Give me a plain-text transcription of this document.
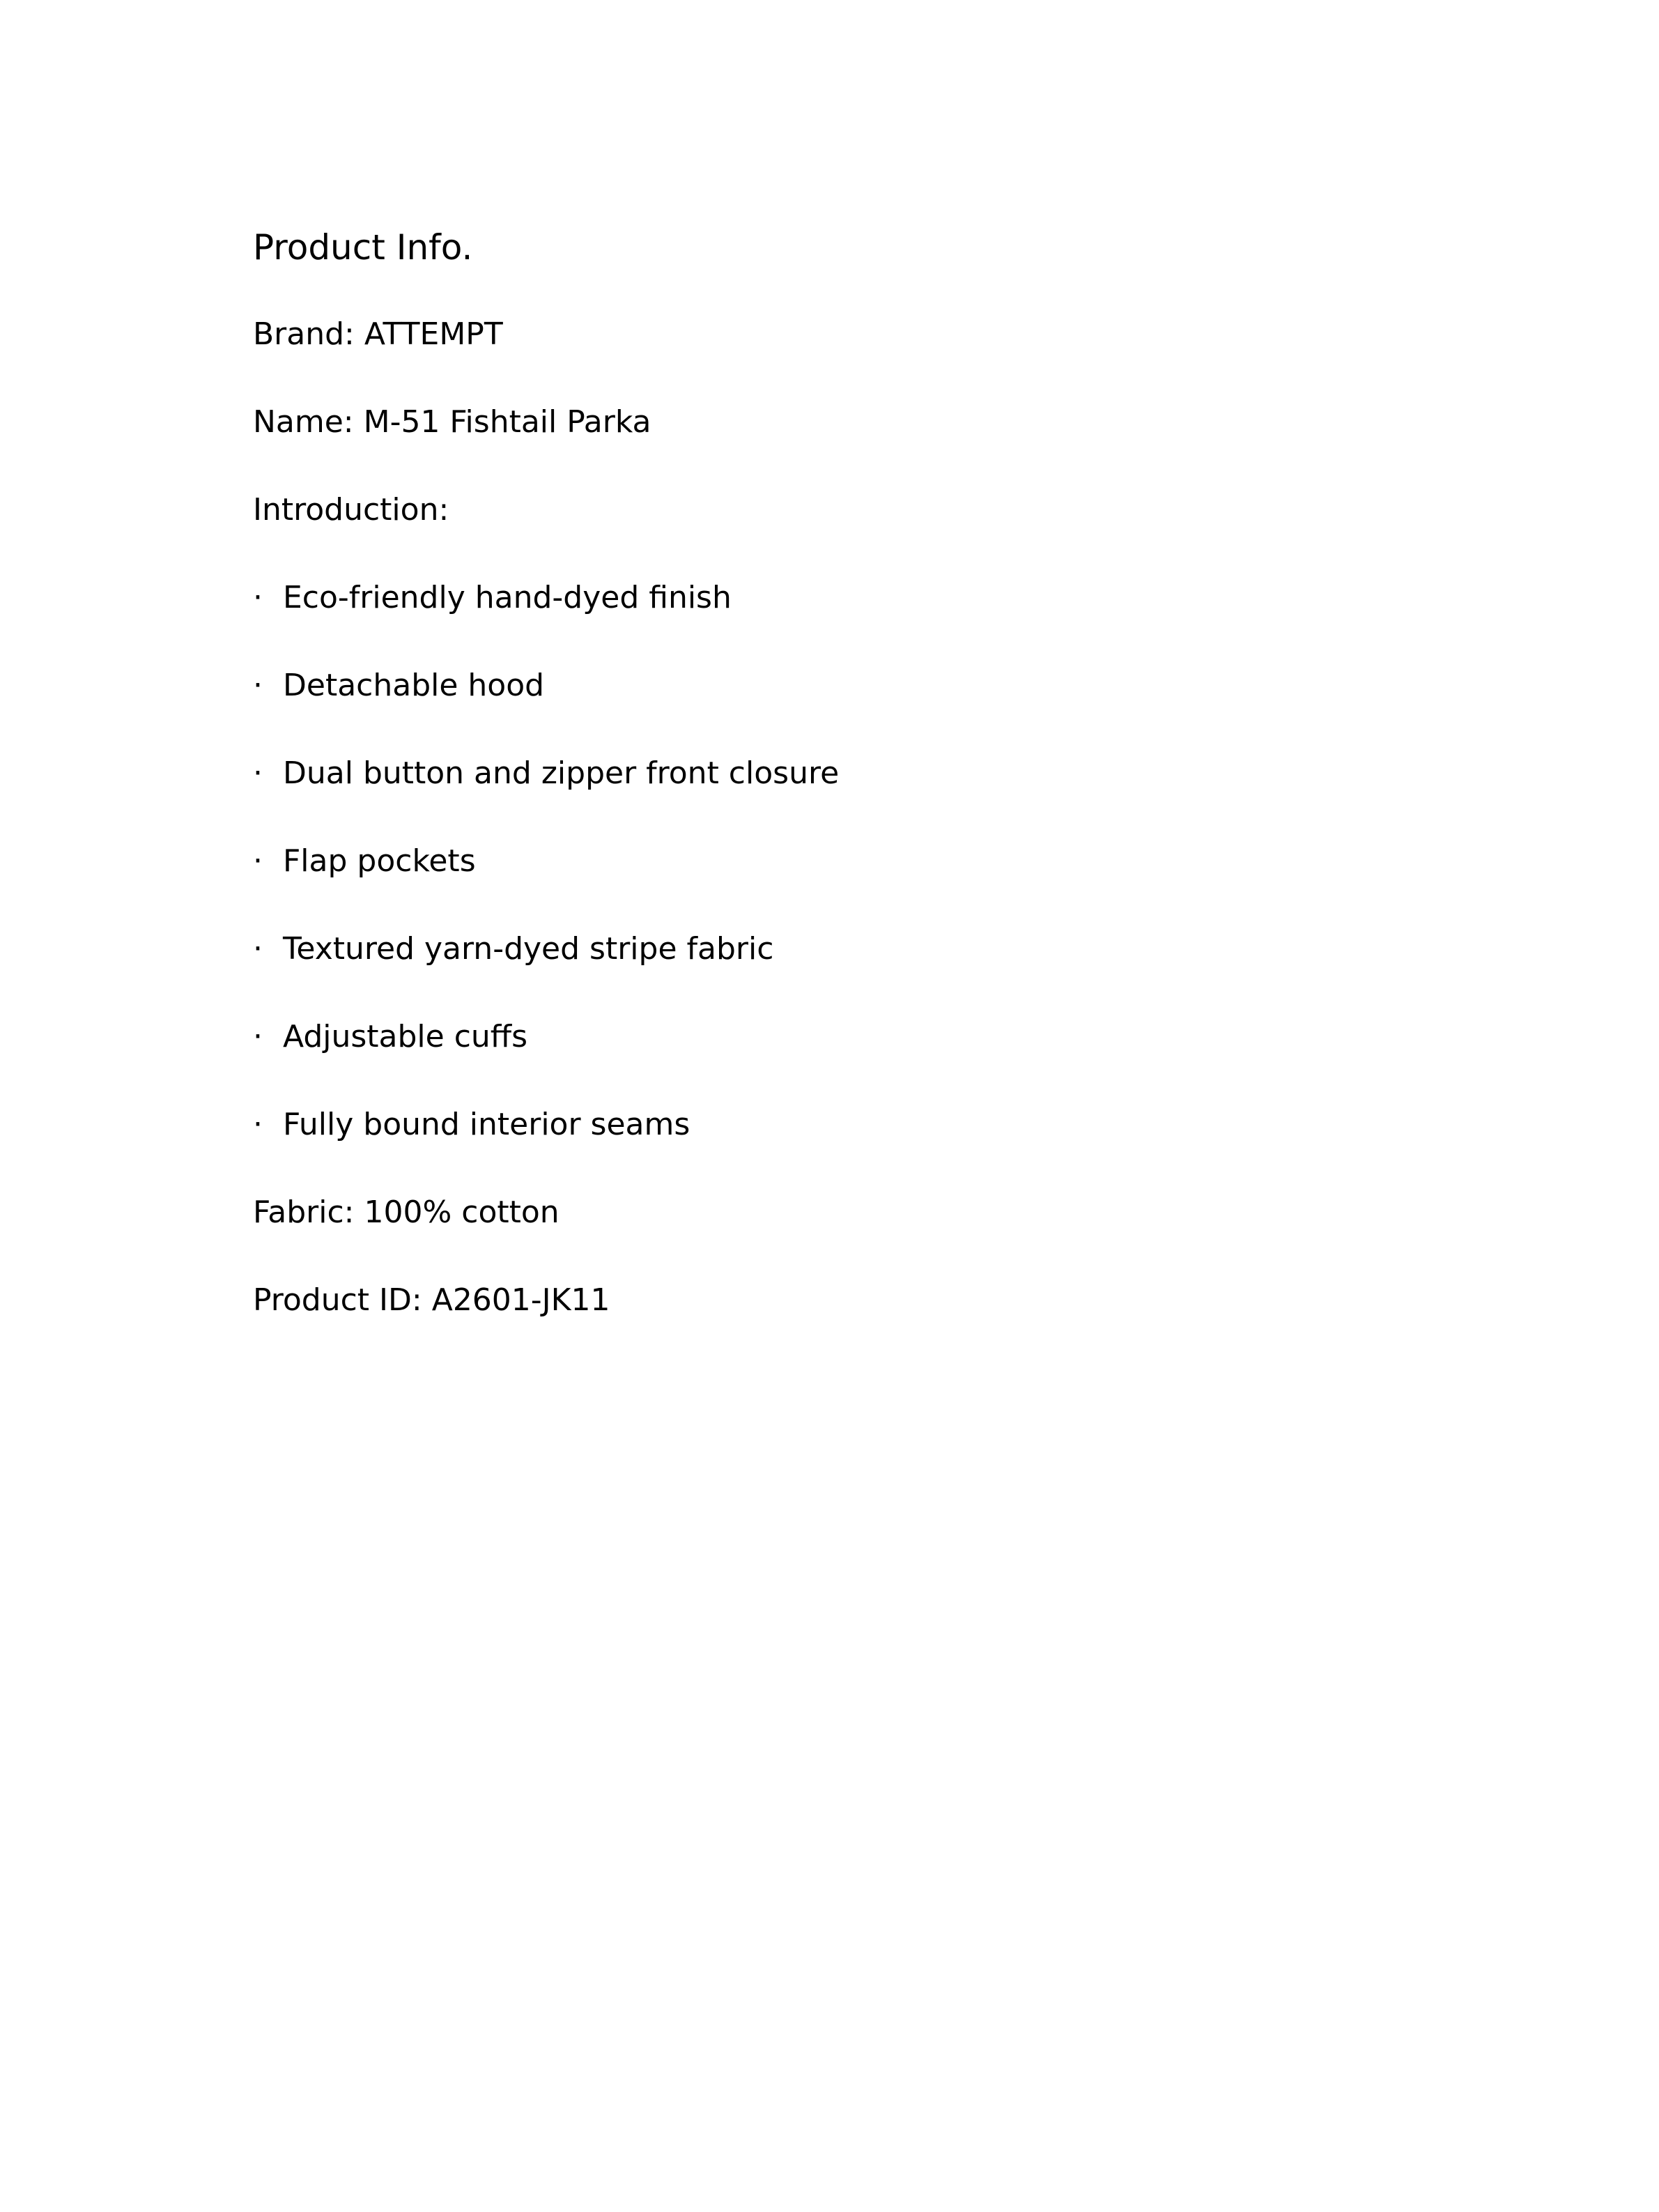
Product Info.
Brand: ATTEMPT
Name: M‑51 Fishtail Parka
Introduction:
· Eco‑friendly hand‑dyed finish
· Detachable hood
· Dual button and zipper front closure
· Flap pockets
· Textured yarn‑dyed stripe fabric
· Adjustable cuffs
· Fully bound interior seams
Fabric: 100% cotton
Product ID: A2601‑JK11
